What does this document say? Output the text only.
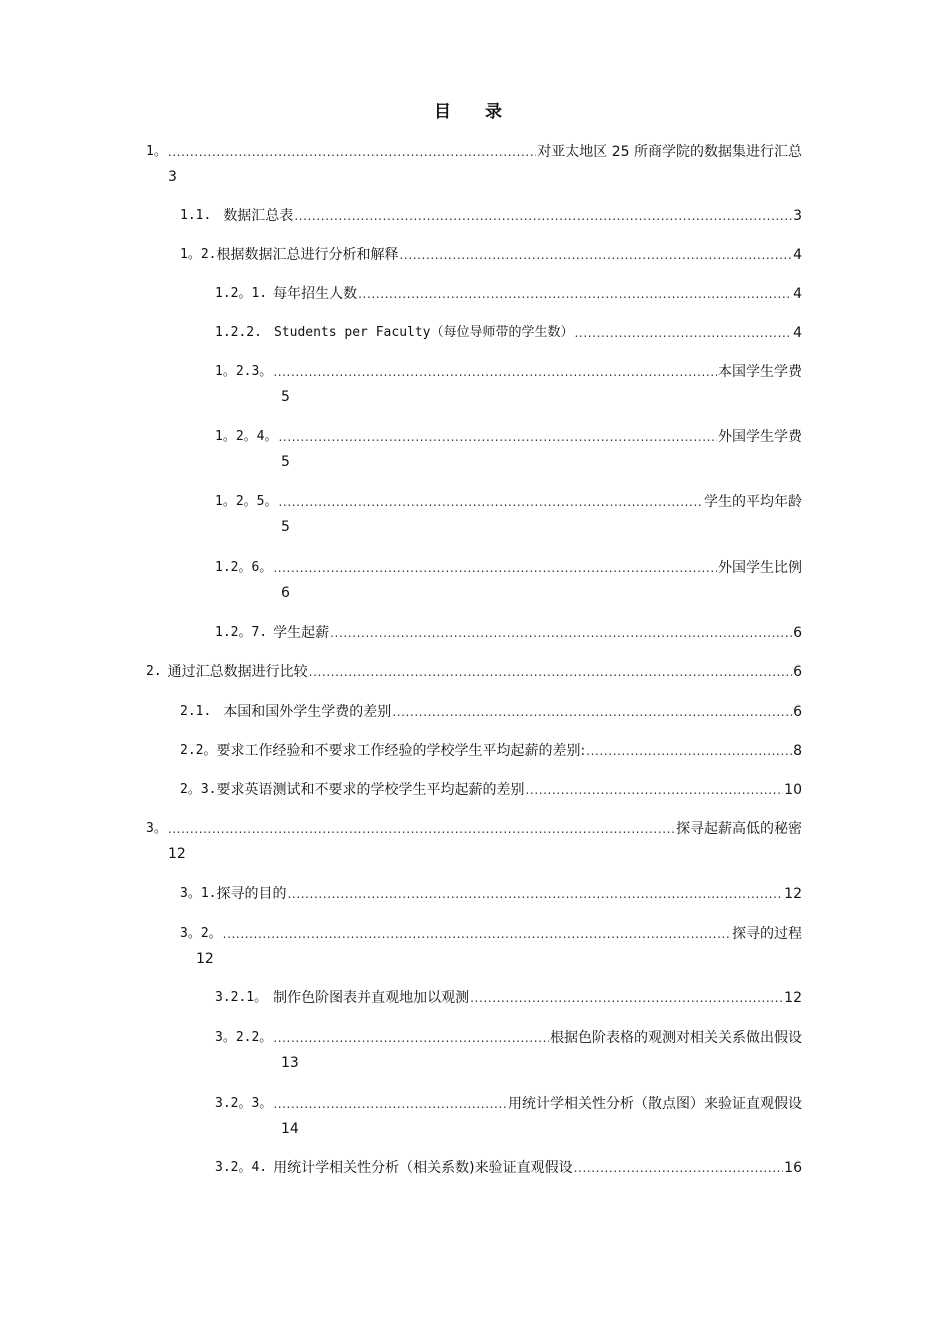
目 录
1。 .....	对亚太地区 25 所商学院的数据集进行汇总
3
1.1. 数据汇总表 .....	3
1。2. 根据数据汇总进行分析和解释 .....	4
1.2。1. 每年招生人数 .....	4
1.2.2. Students per Faculty（每位导师带的学生数） .....	4
1。2.3。 .....	本国学生学费
5
1。2。4。 .....	外国学生学费
5
1。2。5。 .....	学生的平均年龄
5
1.2。6。 .....	外国学生比例
6
1.2。7. 学生起薪 .....	6
2. 通过汇总数据进行比较 .....	6
2.1. 本国和国外学生学费的差别 .....	6
2.2。 要求工作经验和不要求工作经验的学校学生平均起薪的差别: .....	8
2。3. 要求英语测试和不要求的学校学生平均起薪的差别 .....	10
3。 .....	探寻起薪高低的秘密
12
3。1. 探寻的目的 .....	12
3。2。 .....	探寻的过程
12
3.2.1。 制作色阶图表并直观地加以观测 .....	12
3。2.2。 .....	根据色阶表格的观测对相关关系做出假设
13
3.2。3。 .....	用统计学相关性分析（散点图）来验证直观假设
14
3.2。4. 用统计学相关性分析（相关系数)来验证直观假设 .....	16
